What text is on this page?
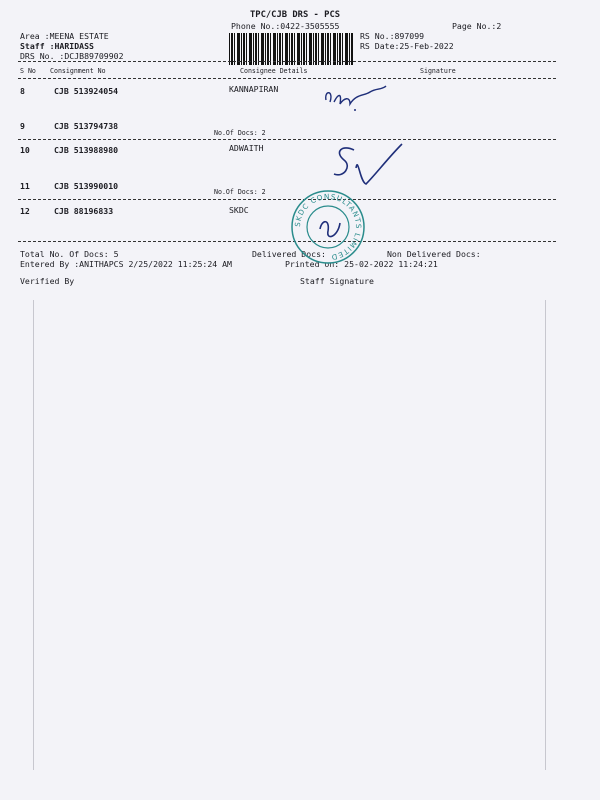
TPC/CJB DRS - PCS
Phone No.:0422-3505555	Page No.:2
Area :MEENA ESTATE
Staff :HARIDASS
DRS No. :DCJB89709902
RS No.:897099
RS Date:25-Feb-2022
S No Consignment No	Consignee Details	Signature
8	CJB 513924054	KANNAPIRAN
9	CJB 513794738
No.Of Docs: 2
10	CJB 513988980	ADWAITH
11	CJB 513990010
No.Of Docs: 2
12	CJB 88196833	SKDC
Total No. Of Docs: 5	Delivered Docs:	Non Delivered Docs:
Entered By :ANITHAPCS 2/25/2022 11:25:24 AM	Printed on: 25-02-2022 11:24:21
Verified By	Staff Signature
SKDC CONSULTANTS LIMITED
